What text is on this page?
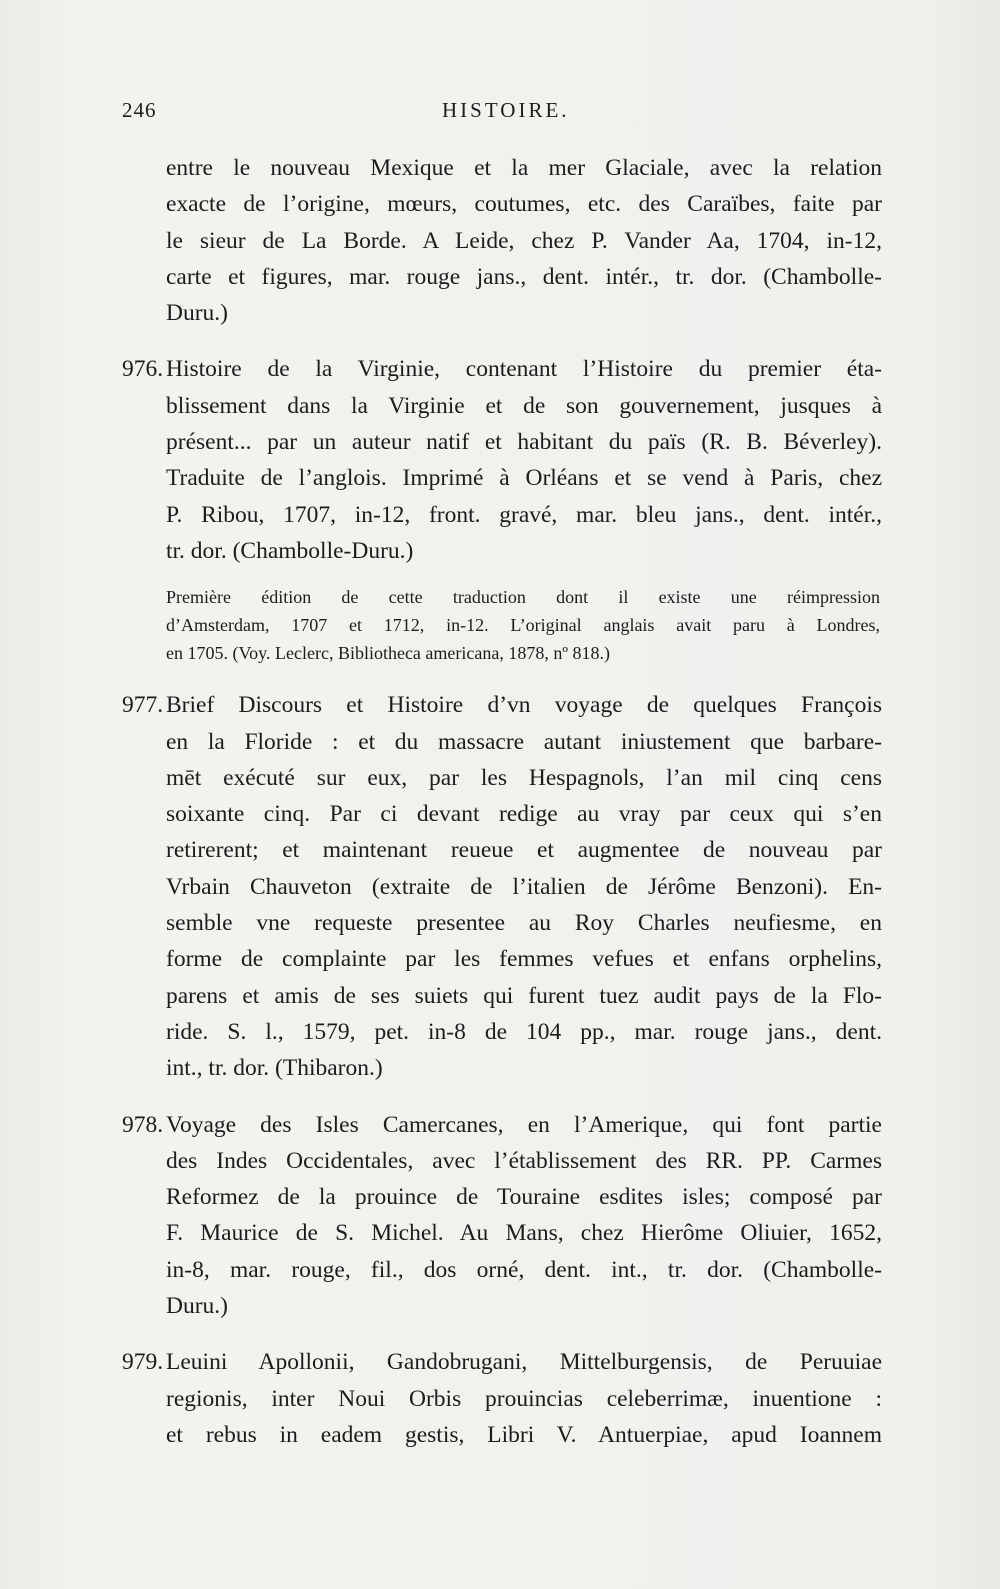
246	HISTOIRE.
entre le nouveau Mexique et la mer Glaciale, avec la relation
exacte de l’origine, mœurs, coutumes, etc. des Caraïbes, faite par
le sieur de La Borde. A Leide, chez P. Vander Aa, 1704, in-12,
carte et figures, mar. rouge jans., dent. intér., tr. dor. (Chambolle-
Duru.)
976. Histoire de la Virginie, contenant l’Histoire du premier éta-
blissement dans la Virginie et de son gouvernement, jusques à
présent... par un auteur natif et habitant du païs (R. B. Béverley).
Traduite de l’anglois. Imprimé à Orléans et se vend à Paris, chez
P. Ribou, 1707, in-12, front. gravé, mar. bleu jans., dent. intér.,
tr. dor. (Chambolle-Duru.)
Première édition de cette traduction dont il existe une réimpression
d’Amsterdam, 1707 et 1712, in-12. L’original anglais avait paru à Londres,
en 1705. (Voy. Leclerc, Bibliotheca americana, 1878, nº 818.)
977. Brief Discours et Histoire d’vn voyage de quelques François
en la Floride : et du massacre autant iniustement que barbare-
mēt exécuté sur eux, par les Hespagnols, l’an mil cinq cens
soixante cinq. Par ci devant redige au vray par ceux qui s’en
retirerent; et maintenant reueue et augmentee de nouveau par
Vrbain Chauveton (extraite de l’italien de Jérôme Benzoni). En-
semble vne requeste presentee au Roy Charles neufiesme, en
forme de complainte par les femmes vefues et enfans orphelins,
parens et amis de ses suiets qui furent tuez audit pays de la Flo-
ride. S. l., 1579, pet. in-8 de 104 pp., mar. rouge jans., dent.
int., tr. dor. (Thibaron.)
978. Voyage des Isles Camercanes, en l’Amerique, qui font partie
des Indes Occidentales, avec l’établissement des RR. PP. Carmes
Reformez de la prouince de Touraine esdites isles; composé par
F. Maurice de S. Michel. Au Mans, chez Hierôme Oliuier, 1652,
in-8, mar. rouge, fil., dos orné, dent. int., tr. dor. (Chambolle-
Duru.)
979. Leuini Apollonii, Gandobrugani, Mittelburgensis, de Peruuiae
regionis, inter Noui Orbis prouincias celeberrimæ, inuentione :
et rebus in eadem gestis, Libri V. Antuerpiae, apud Ioannem
